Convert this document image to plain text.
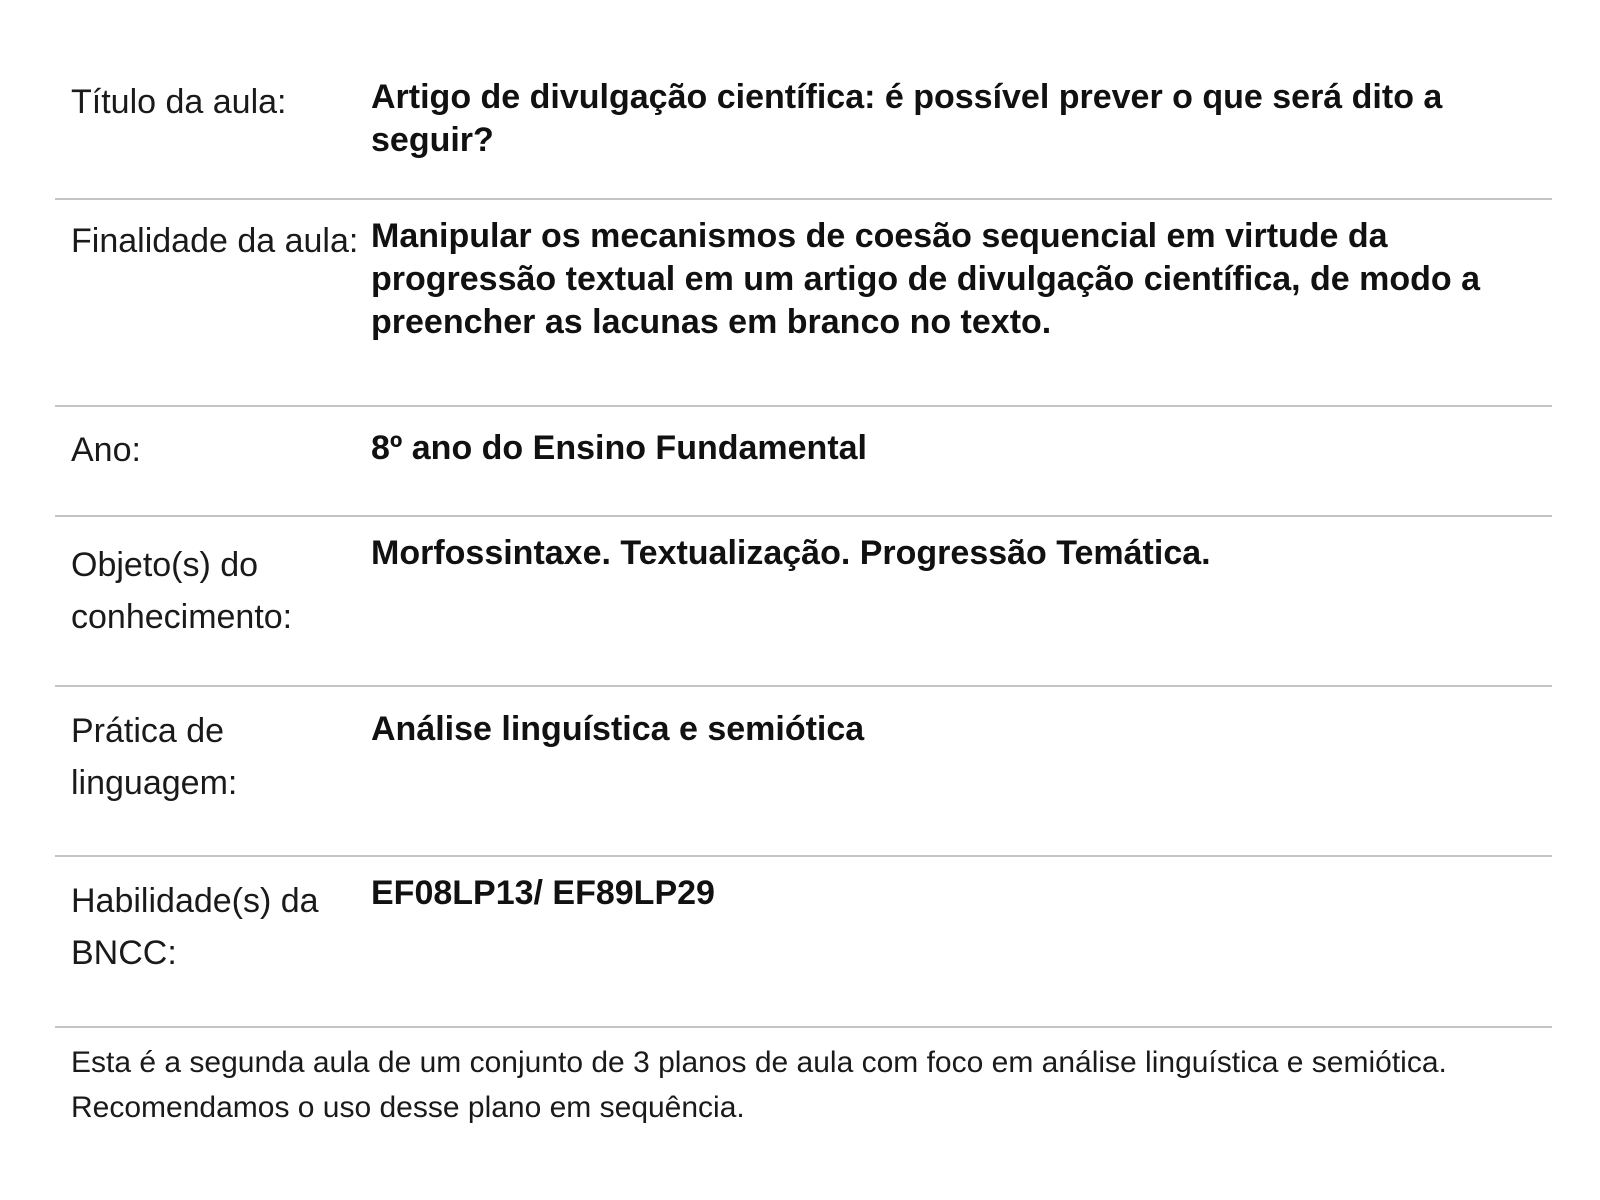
Título da aula:	Artigo de divulgação científica: é possível prever o que será dito a seguir?
Finalidade da aula: Manipular os mecanismos de coesão sequencial em virtude da progressão textual em um artigo de divulgação científica, de modo a preencher as lacunas em branco no texto.
Ano:	8º ano do Ensino Fundamental
Objeto(s) do conhecimento:
Morfossintaxe. Textualização. Progressão Temática.
Prática de linguagem:
Análise linguística e semiótica
Habilidade(s) da BNCC:
EF08LP13/ EF89LP29
Esta é a segunda aula de um conjunto de 3 planos de aula com foco em análise linguística e semiótica. Recomendamos o uso desse plano em sequência.
